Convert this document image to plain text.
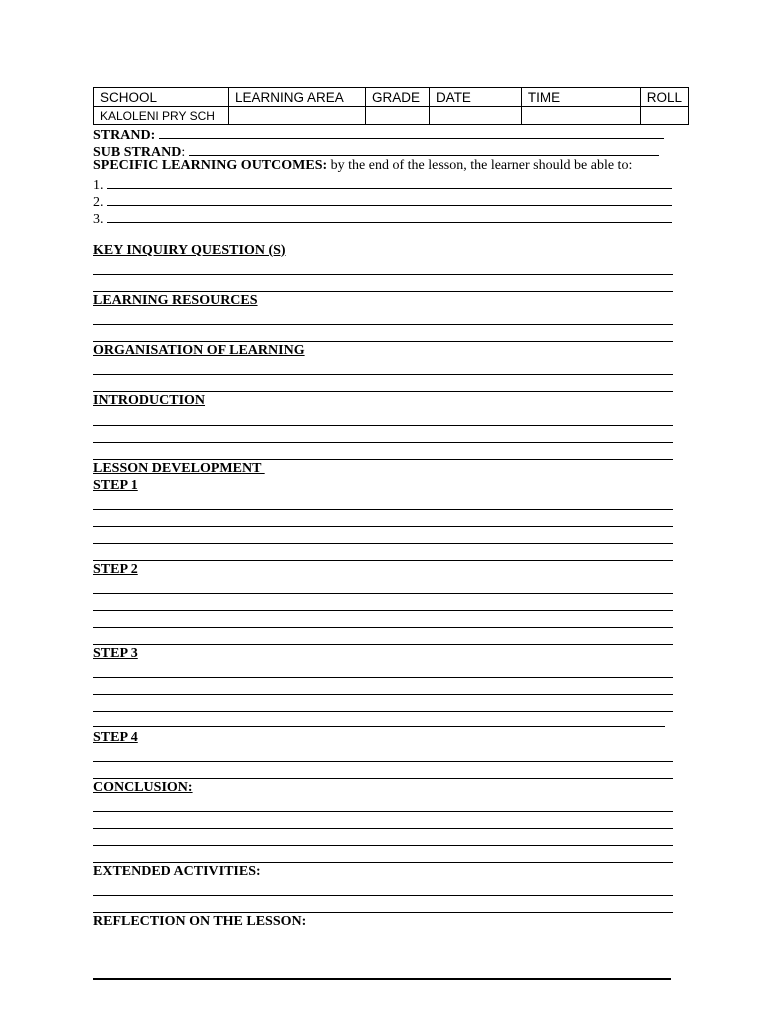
SCHOOL	LEARNING AREA	GRADE	DATE	TIME	ROLL
KALOLENI PRY SCH					
STRAND:
SUB STRAND:
SPECIFIC LEARNING OUTCOMES: by the end of the lesson, the learner should be able to:
1.
2.
3.
KEY INQUIRY QUESTION (S)
LEARNING RESOURCES
ORGANISATION OF LEARNING
INTRODUCTION
LESSON DEVELOPMENT
STEP 1
STEP 2
STEP 3
STEP 4
CONCLUSION:
EXTENDED ACTIVITIES:
REFLECTION ON THE LESSON:
